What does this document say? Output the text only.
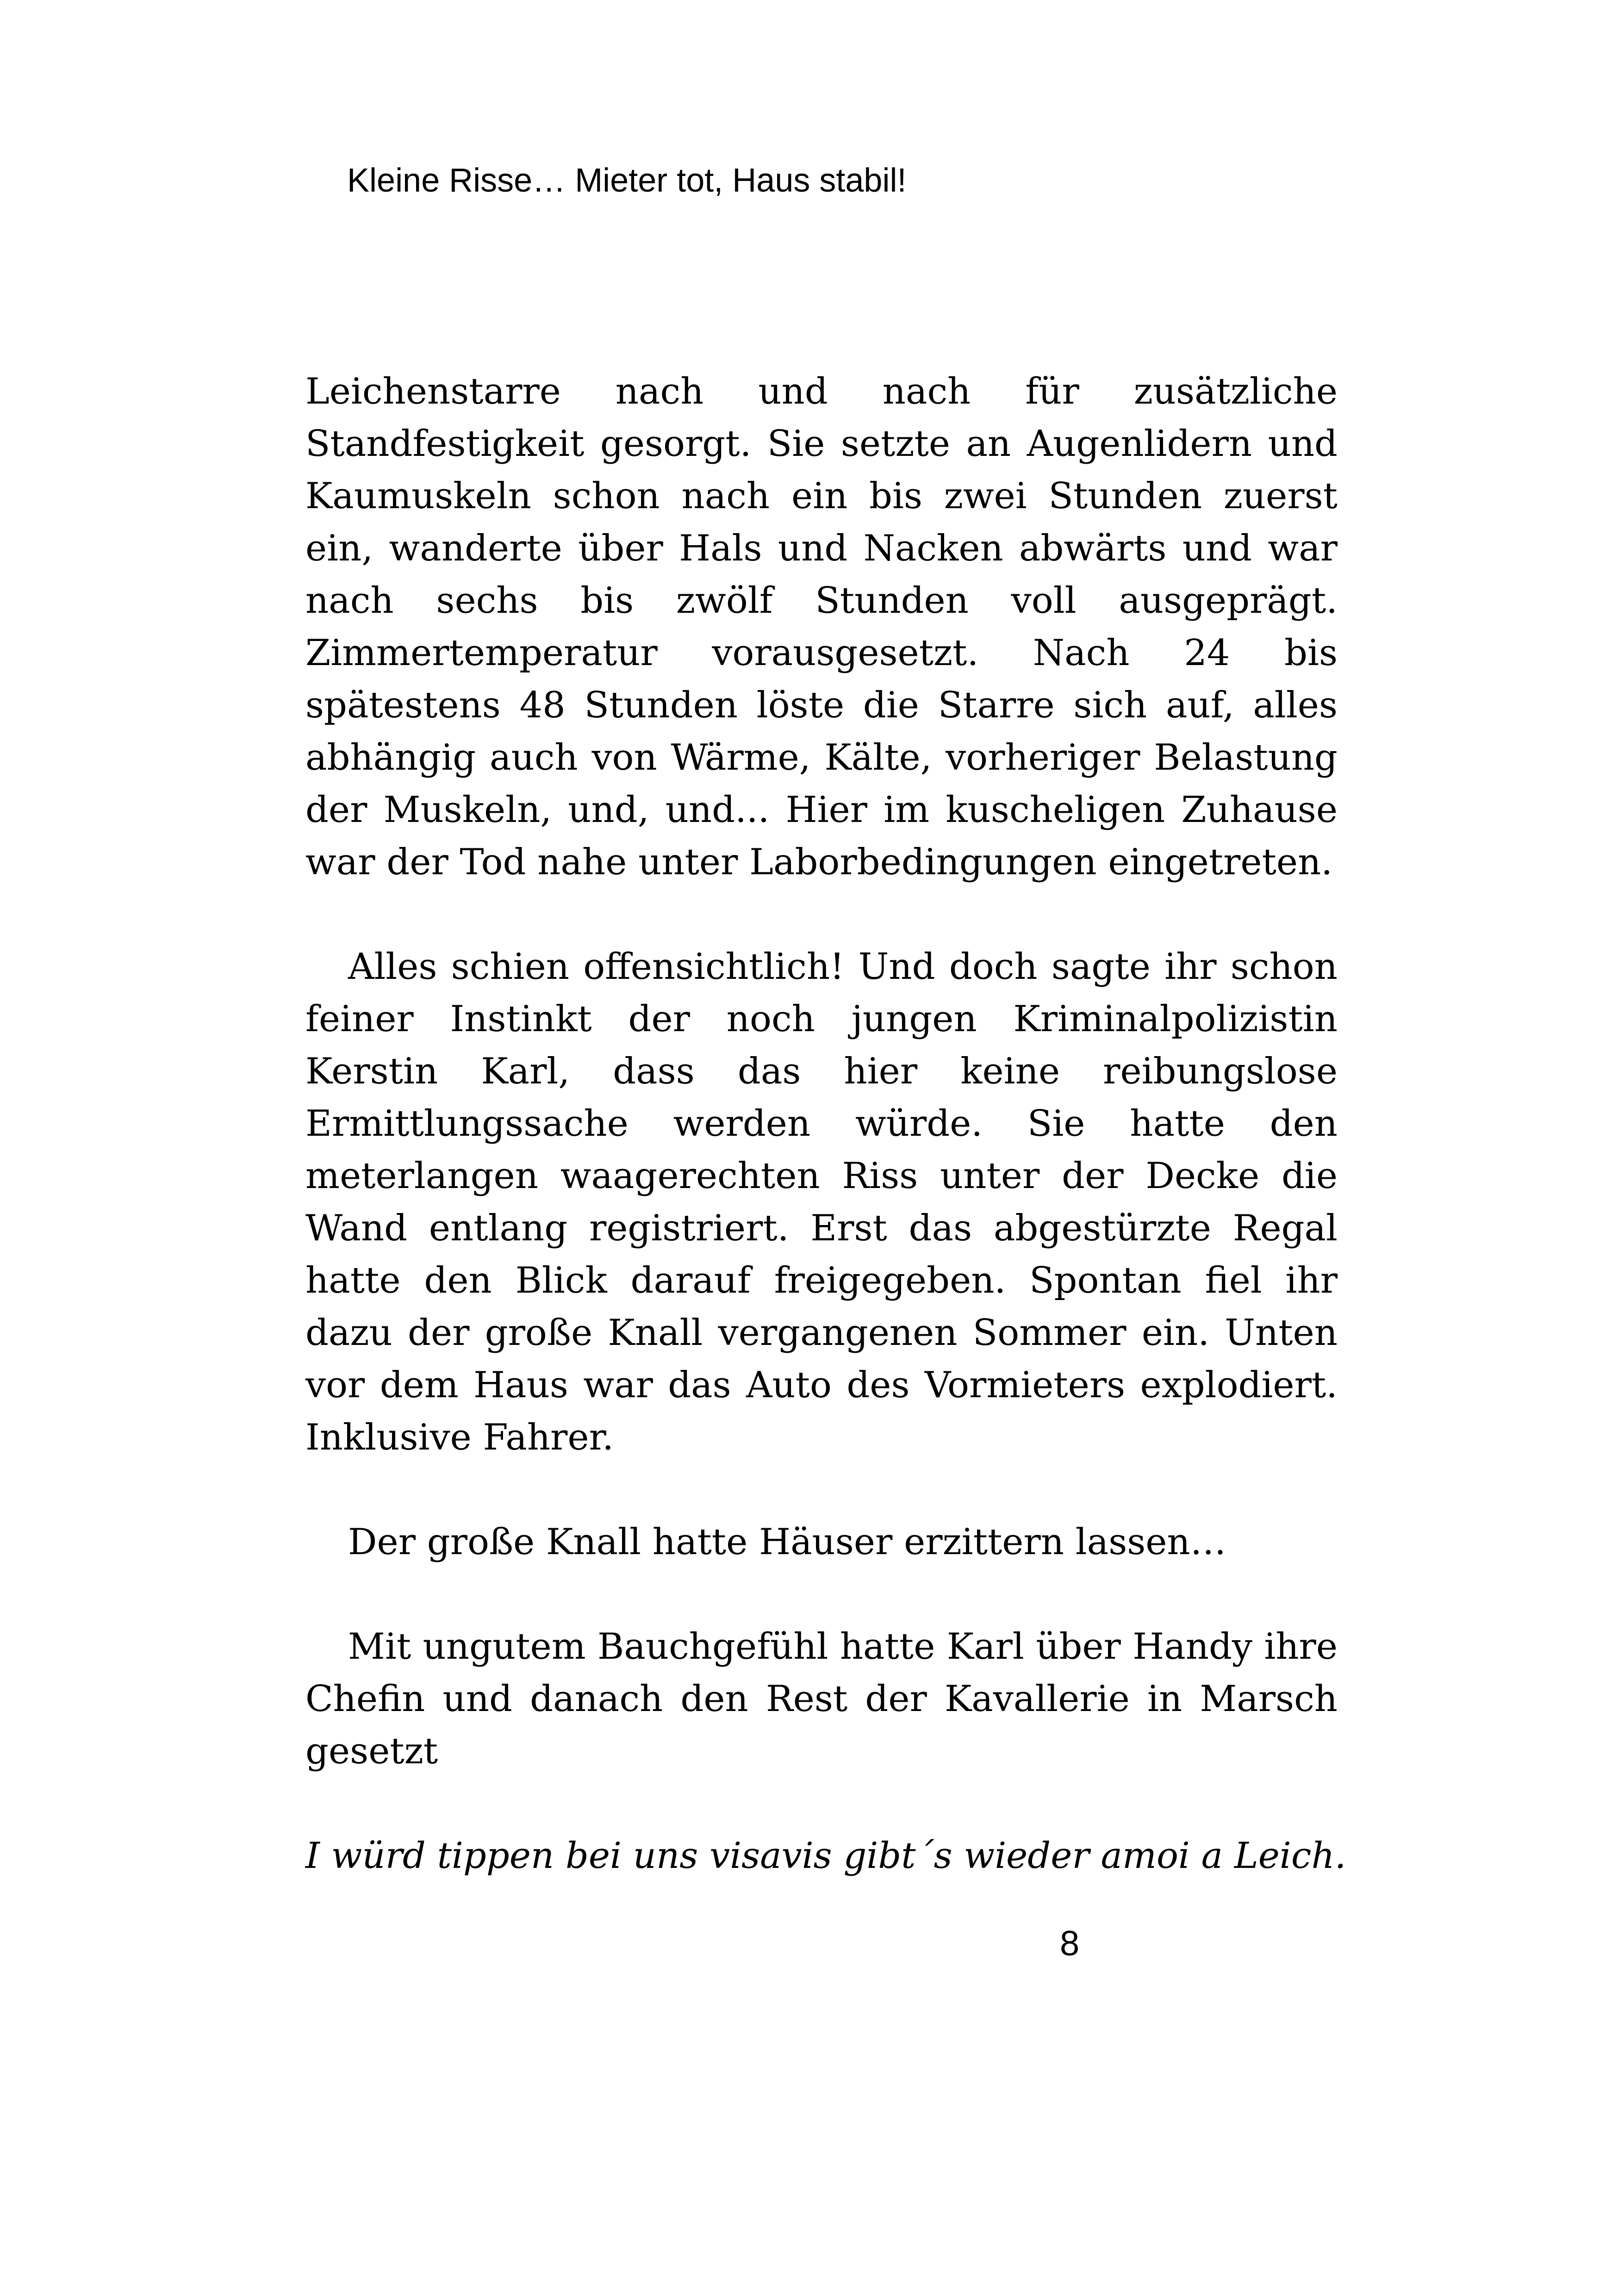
Kleine Risse… Mieter tot, Haus stabil!

Leichenstarre nach und nach für zusätzliche Standfestigkeit gesorgt. Sie setzte an Augenlidern und Kaumuskeln schon nach ein bis zwei Stunden zuerst ein, wanderte über Hals und Nacken abwärts und war nach sechs bis zwölf Stunden voll ausgeprägt. Zimmertemperatur vorausgesetzt. Nach 24 bis spätestens 48 Stunden löste die Starre sich auf, alles abhängig auch von Wärme, Kälte, vorheriger Belastung der Muskeln, und, und... Hier im kuscheligen Zuhause war der Tod nahe unter Laborbedingungen eingetreten.

Alles schien offensichtlich! Und doch sagte ihr schon feiner Instinkt der noch jungen Kriminalpolizistin Kerstin Karl, dass das hier keine reibungslose Ermittlungssache werden würde. Sie hatte den meterlangen waagerechten Riss unter der Decke die Wand entlang registriert. Erst das abgestürzte Regal hatte den Blick darauf freigegeben. Spontan fiel ihr dazu der große Knall vergangenen Sommer ein. Unten vor dem Haus war das Auto des Vormieters explodiert. Inklusive Fahrer.

Der große Knall hatte Häuser erzittern lassen…

Mit ungutem Bauchgefühl hatte Karl über Handy ihre Chefin und danach den Rest der Kavallerie in Marsch gesetzt

I würd tippen bei uns visavis gibt´s wieder amoi a Leich.

8
